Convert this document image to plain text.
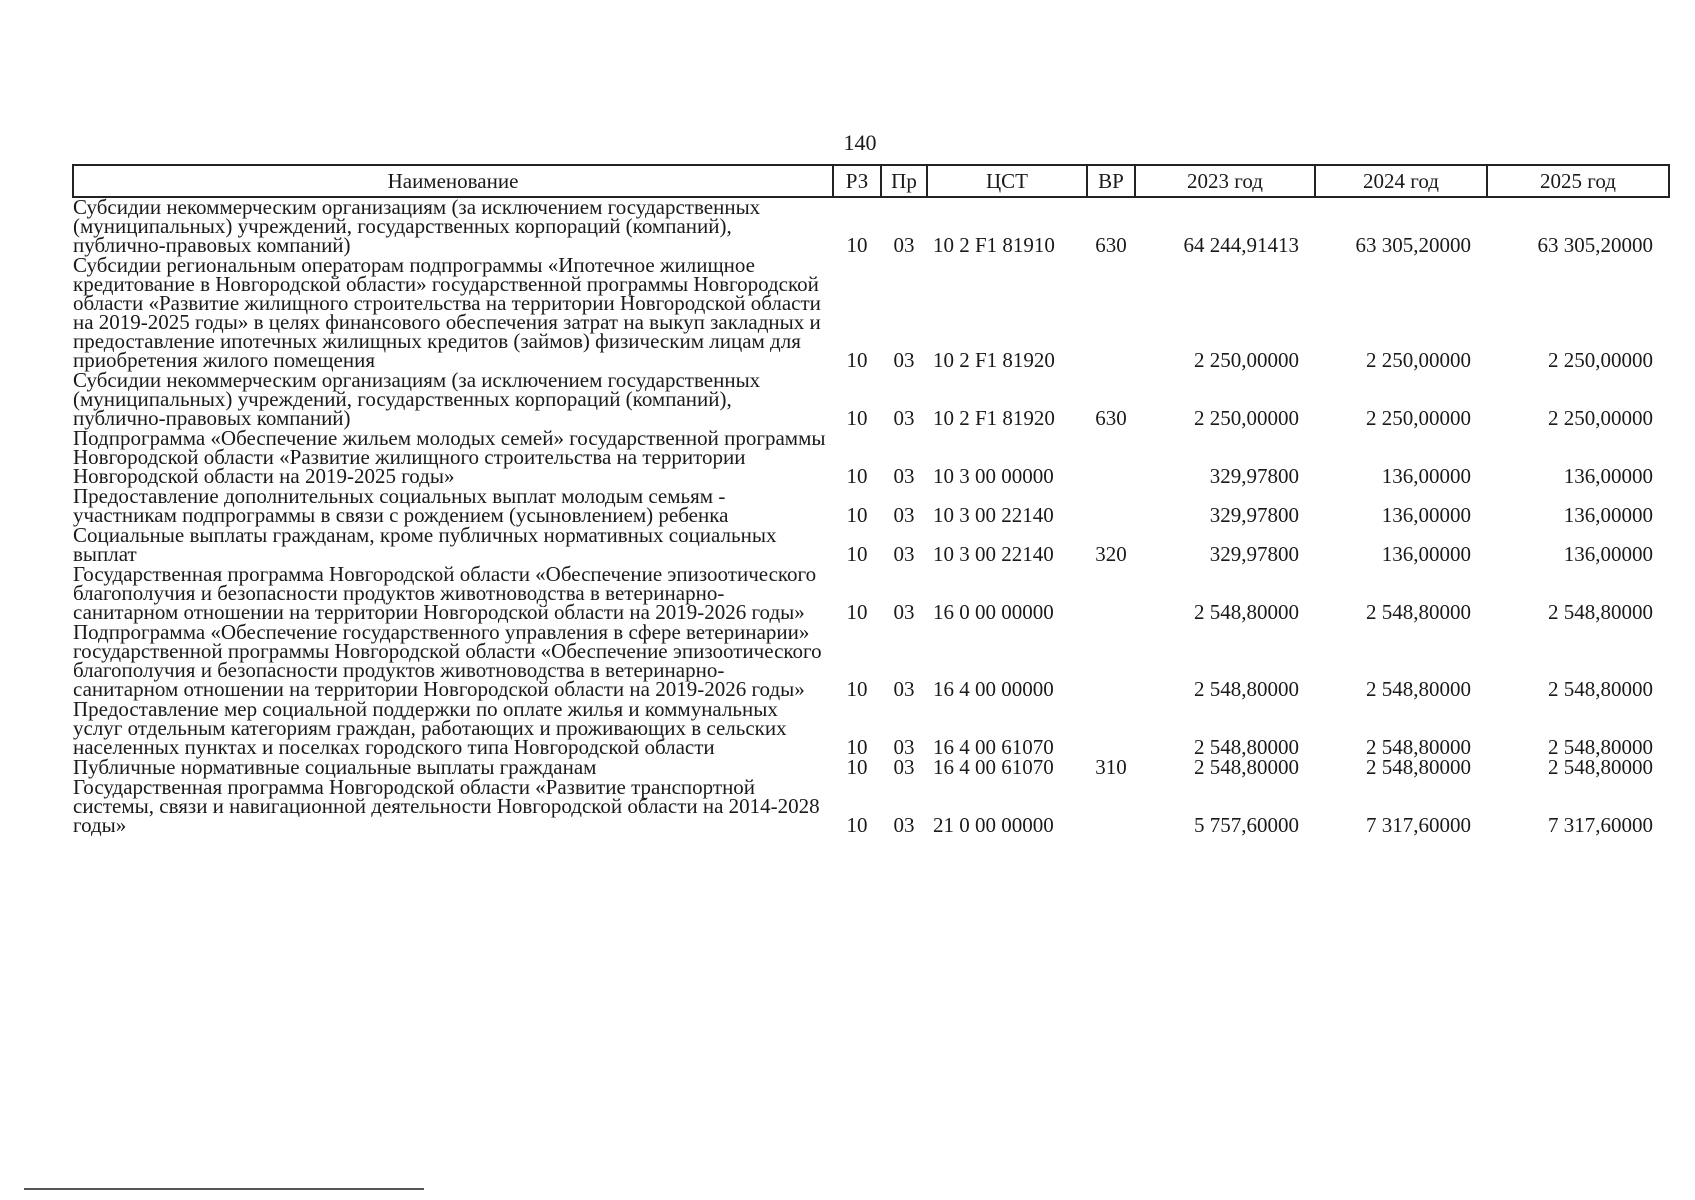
140
Наименование	РЗ	Пр	ЦСТ	ВР	2023 год	2024 год	2025 год
Субсидии некоммерческим организациям (за исключением государственных (муниципальных) учреждений, государственных корпораций (компаний), публично-правовых компаний)	10	03	10 2 F1 81910	630	64 244,91413	63 305,20000	63 305,20000
Субсидии региональным операторам подпрограммы «Ипотечное жилищное кредитование в Новгородской области» государственной программы Новгородской области «Развитие жилищного строительства на территории Новгородской области на 2019-2025 годы» в целях финансового обеспечения затрат на выкуп закладных и предоставление ипотечных жилищных кредитов (займов) физическим лицам для приобретения жилого помещения	10	03	10 2 F1 81920		2 250,00000	2 250,00000	2 250,00000
Субсидии некоммерческим организациям (за исключением государственных (муниципальных) учреждений, государственных корпораций (компаний), публично-правовых компаний)	10	03	10 2 F1 81920	630	2 250,00000	2 250,00000	2 250,00000
Подпрограмма «Обеспечение жильем молодых семей» государственной программы Новгородской области «Развитие жилищного строительства на территории Новгородской области на 2019-2025 годы»	10	03	10 3 00 00000		329,97800	136,00000	136,00000
Предоставление дополнительных социальных выплат молодым семьям - участникам подпрограммы в связи с рождением (усыновлением) ребенка	10	03	10 3 00 22140		329,97800	136,00000	136,00000
Социальные выплаты гражданам, кроме публичных нормативных социальных выплат	10	03	10 3 00 22140	320	329,97800	136,00000	136,00000
Государственная программа Новгородской области «Обеспечение эпизоотического благополучия и безопасности продуктов животноводства в ветеринарно-санитарном отношении на территории Новгородской области на 2019-2026 годы»	10	03	16 0 00 00000		2 548,80000	2 548,80000	2 548,80000
Подпрограмма «Обеспечение государственного управления в сфере ветеринарии» государственной программы Новгородской области «Обеспечение эпизоотического благополучия и безопасности продуктов животноводства в ветеринарно-санитарном отношении на территории Новгородской области на 2019-2026 годы»	10	03	16 4 00 00000		2 548,80000	2 548,80000	2 548,80000
Предоставление мер социальной поддержки по оплате жилья и коммунальных услуг отдельным категориям граждан, работающих и проживающих в сельских населенных пунктах и поселках городского типа Новгородской области	10	03	16 4 00 61070		2 548,80000	2 548,80000	2 548,80000
Публичные нормативные социальные выплаты гражданам	10	03	16 4 00 61070	310	2 548,80000	2 548,80000	2 548,80000
Государственная программа Новгородской области «Развитие транспортной системы, связи и навигационной деятельности Новгородской области на 2014-2028 годы»	10	03	21 0 00 00000		5 757,60000	7 317,60000	7 317,60000
